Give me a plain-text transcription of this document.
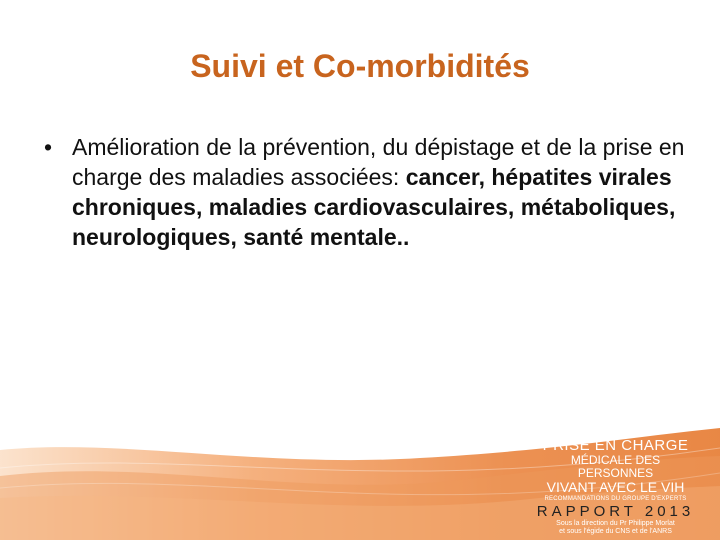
Suivi et Co-morbidités
• Amélioration de la prévention, du dépistage et de la prise en charge des maladies associées: cancer, hépatites virales chroniques, maladies cardiovasculaires, métaboliques, neurologiques, santé mentale..
PRISE EN CHARGE
MÉDICALE DES PERSONNES
VIVANT AVEC LE VIH
RECOMMANDATIONS DU GROUPE D'EXPERTS
RAPPORT 2013
Sous la direction du Pr Philippe Morlat
et sous l'égide du CNS et de l'ANRS
